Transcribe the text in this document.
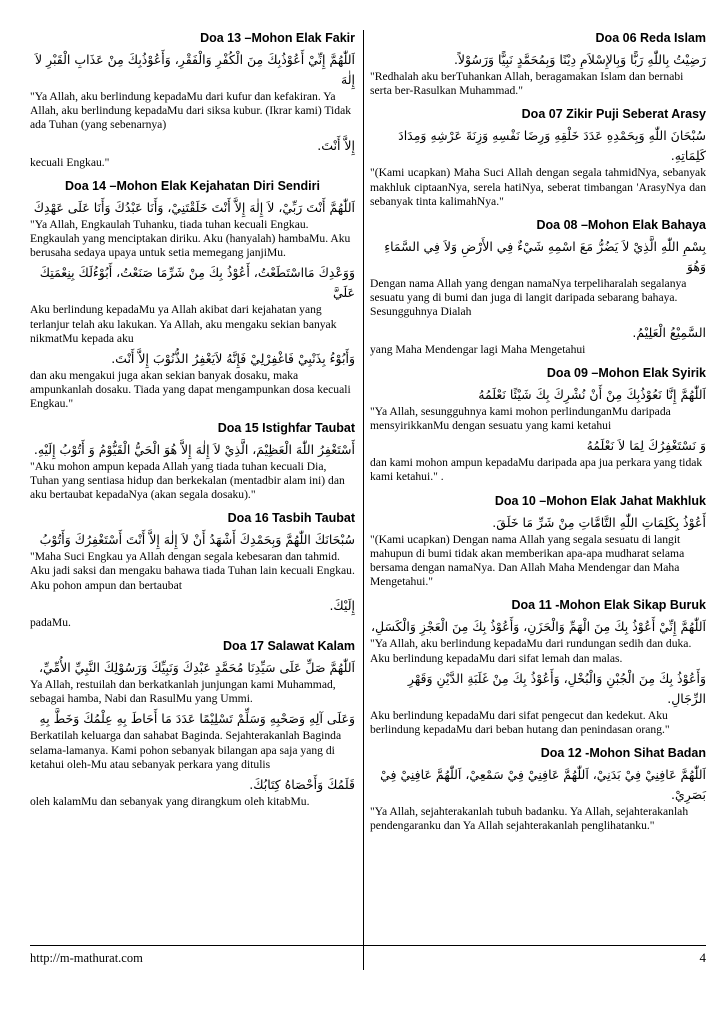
Doa 13 –Mohon Elak Fakir

اَللّٰهُمَّ إِنِّيْ أَعُوْذُبِكَ مِنَ الْكُفْرِ وَالْفَقْرِ، وَأَعُوْذُبِكَ مِنْ عَذَابِ الْقَبْرِ لاَ إِلٰهَ

"Ya Allah, aku berlindung kepadaMu dari kufur dan kefakiran. Ya Allah, aku berlindung kepadaMu dari siksa kubur. (Ikrar kami) Tidak ada Tuhan (yang sebenarnya)

إِلاَّ أَنْتَ.

kecuali Engkau."

Doa 14 –Mohon Elak Kejahatan Diri Sendiri

اَللّٰهُمَّ أَنْتَ رَبِّيْ، لاَ إِلٰهَ إِلاَّ أَنْتَ خَلَقْتَنِيْ، وَأَنَا عَبْدُكَ وَأَنَا عَلَى عَهْدِكَ

"Ya Allah, Engkaulah Tuhanku, tiada tuhan kecuali Engkau. Engkaulah yang menciptakan diriku. Aku (hanyalah) hambaMu. Aku berusaha sedaya upaya untuk setia memegang janjiMu.

وَوَعْدِكَ مَااسْتَطَعْتُ، أَعُوْذُ بِكَ مِنْ شَرِّمَا صَنَعْتُ، أَبُوْءُلَكَ بِنِعْمَتِكَ عَلَيَّ

Aku berlindung kepadaMu ya Allah akibat dari kejahatan yang terlanjur telah aku lakukan. Ya Allah, aku mengaku sekian banyak nikmatMu kepada aku

وَأَبُوْءُ بِذَنْبِيْ فَاغْفِرْلِيْ فَإِنَّهُ لاَيَغْفِرُ الذُّنُوْبَ إِلاَّ أَنْتَ.

dan aku mengakui juga akan sekian banyak dosaku, maka ampunkanlah dosaku. Tiada yang dapat mengampunkan dosa kecuali Engkau."

Doa 15 Istighfar Taubat

أَسْتَغْفِرُ اللّٰهَ الْعَظِيْمَ، الَّذِيْ لاَ إِلٰهَ إِلاَّ هُوَ الْحَيُّ الْقَيُّوْمُ وَ أَتُوْبُ إِلَيْهِ.

"Aku mohon ampun kepada Allah yang tiada tuhan kecuali Dia, Tuhan yang sentiasa hidup dan berkekalan (mentadbir alam ini) dan aku bertaubat kepadaNya (akan segala dosaku)."

Doa 16 Tasbih Taubat

سُبْحَانَكَ اللّٰهُمَّ وَبِحَمْدِكَ أَشْهَدُ أَنْ لاَ إِلٰهَ إِلاَّ أَنْتَ أَسْتَغْفِرُكَ وَأَتُوْبُ

"Maha Suci Engkau ya Allah dengan segala kebesaran dan tahmid. Aku jadi saksi dan mengaku bahawa tiada Tuhan lain kecuali Engkau. Aku pohon ampun dan bertaubat

إِلَيْكَ.

padaMu.

Doa 17 Salawat Kalam

اَللّٰهُمَّ صَلِّ عَلَى سَيِّدِنَا مُحَمَّدٍ عَبْدِكَ وَنَبِيِّكَ وَرَسُوْلِكَ النَّبِيِّ الأُمِّيِّ،

Ya Allah, restuilah dan berkatkanlah junjungan kami Muhammad, sebagai hamba, Nabi dan RasulMu yang Ummi.

وَعَلَى آلِهِ وَصَحْبِهِ وَسَلِّمْ تَسْلِيْمًا عَدَدَ مَا أَحَاطَ بِهِ عِلْمُكَ وَخَطَّ بِهِ

Berkatilah keluarga dan sahabat Baginda. Sejahterakanlah Baginda selama-lamanya. Kami pohon sebanyak bilangan apa saja yang di ketahui oleh-Mu atau sebanyak perkara yang ditulis

قَلَمُكَ وَأَحْصَاهُ كِتَابُكَ.

oleh kalamMu dan sebanyak yang dirangkum oleh kitabMu.

Doa 06 Reda Islam

رَضِيْتُ بِاللّٰهِ رَبًّا وَبِالإِسْلاَمِ دِيْنًا وَبِمُحَمَّدٍ نَبِيًّا وَرَسُوْلاً.

"Redhalah aku berTuhankan Allah, beragamakan Islam dan bernabi serta ber-Rasulkan Muhammad."

Doa 07 Zikir Puji Seberat Arasy

سُبْحَانَ اللّٰهِ وَبِحَمْدِهِ عَدَدَ خَلْقِهِ وَرِضَا نَفْسِهِ وَزِنَةَ عَرْشِهِ وَمِدَادَ كَلِمَاتِهِ.

"(Kami ucapkan) Maha Suci Allah dengan segala tahmidNya, sebanyak makhluk ciptaanNya, serela hatiNya, seberat timbangan 'ArasyNya dan sebanyak tinta kalimahNya."

Doa 08 –Mohon Elak Bahaya

بِسْمِ اللّٰهِ الَّذِيْ لاَ يَضُرُّ مَعَ اسْمِهِ شَيْءٌ فِي الأَرْضِ وَلاَ فِي السَّمَاءِ وَهُوَ

Dengan nama Allah yang dengan namaNya terpeliharalah segalanya sesuatu yang di bumi dan juga di langit daripada sebarang bahaya. Sesungguhnya Dialah

السَّمِيْعُ الْعَلِيْمُ.

yang Maha Mendengar lagi Maha Mengetahui

Doa 09 –Mohon Elak Syirik

اَللّٰهُمَّ إِنَّا نَعُوْذُبِكَ مِنْ أَنْ نُشْرِكَ بِكَ شَيْئًا نَعْلَمُهُ

"Ya Allah, sesungguhnya kami mohon perlindunganMu daripada mensyirikkanMu dengan sesuatu yang kami ketahui

وَ نَسْتَغْفِرُكَ لِمَا لاَ نَعْلَمُهُ

dan kami mohon ampun kepadaMu daripada apa jua perkara yang tidak kami ketahui." .

Doa 10 –Mohon Elak Jahat Makhluk

أَعُوْذُ بِكَلِمَاتِ اللّٰهِ التَّامَّاتِ مِنْ شَرِّ مَا خَلَقَ.

"(Kami ucapkan) Dengan nama Allah yang segala sesuatu di langit mahupun di bumi tidak akan memberikan apa-apa mudharat selama bersama dengan namaNya. Dan Allah Maha Mendengar dan Maha Mengetahui."

Doa 11 -Mohon Elak Sikap Buruk

اَللّٰهُمَّ إِنِّيْ أَعُوْذُ بِكَ مِنَ الْهَمِّ وَالْحَزَنِ، وَأَعُوْذُ بِكَ مِنَ الْعَجْزِ وَالْكَسَلِ،

"Ya Allah, aku berlindung kepadaMu dari rundungan sedih dan duka. Aku berlindung kepadaMu dari sifat lemah dan malas.

وَأَعُوْذُ بِكَ مِنَ الْجُبْنِ وَالْبُخْلِ، وَأَعُوْذُ بِكَ مِنْ غَلَبَةِ الدَّيْنِ وَقَهْرِ الرِّجَالِ.

Aku berlindung kepadaMu dari sifat pengecut dan kedekut. Aku berlindung kepadaMu dari beban hutang dan penindasan orang."

Doa 12 -Mohon Sihat Badan

اَللّٰهُمَّ عَافِنِيْ فِيْ بَدَنِيْ، اَللّٰهُمَّ عَافِنِيْ فِيْ سَمْعِيْ، اَللّٰهُمَّ عَافِنِيْ فِيْ بَصَرِيْ.

"Ya Allah, sejahterakanlah tubuh badanku. Ya Allah, sejahterakanlah pendengaranku dan Ya Allah sejahterakanlah penglihatanku."

http://m-mathurat.com	4
